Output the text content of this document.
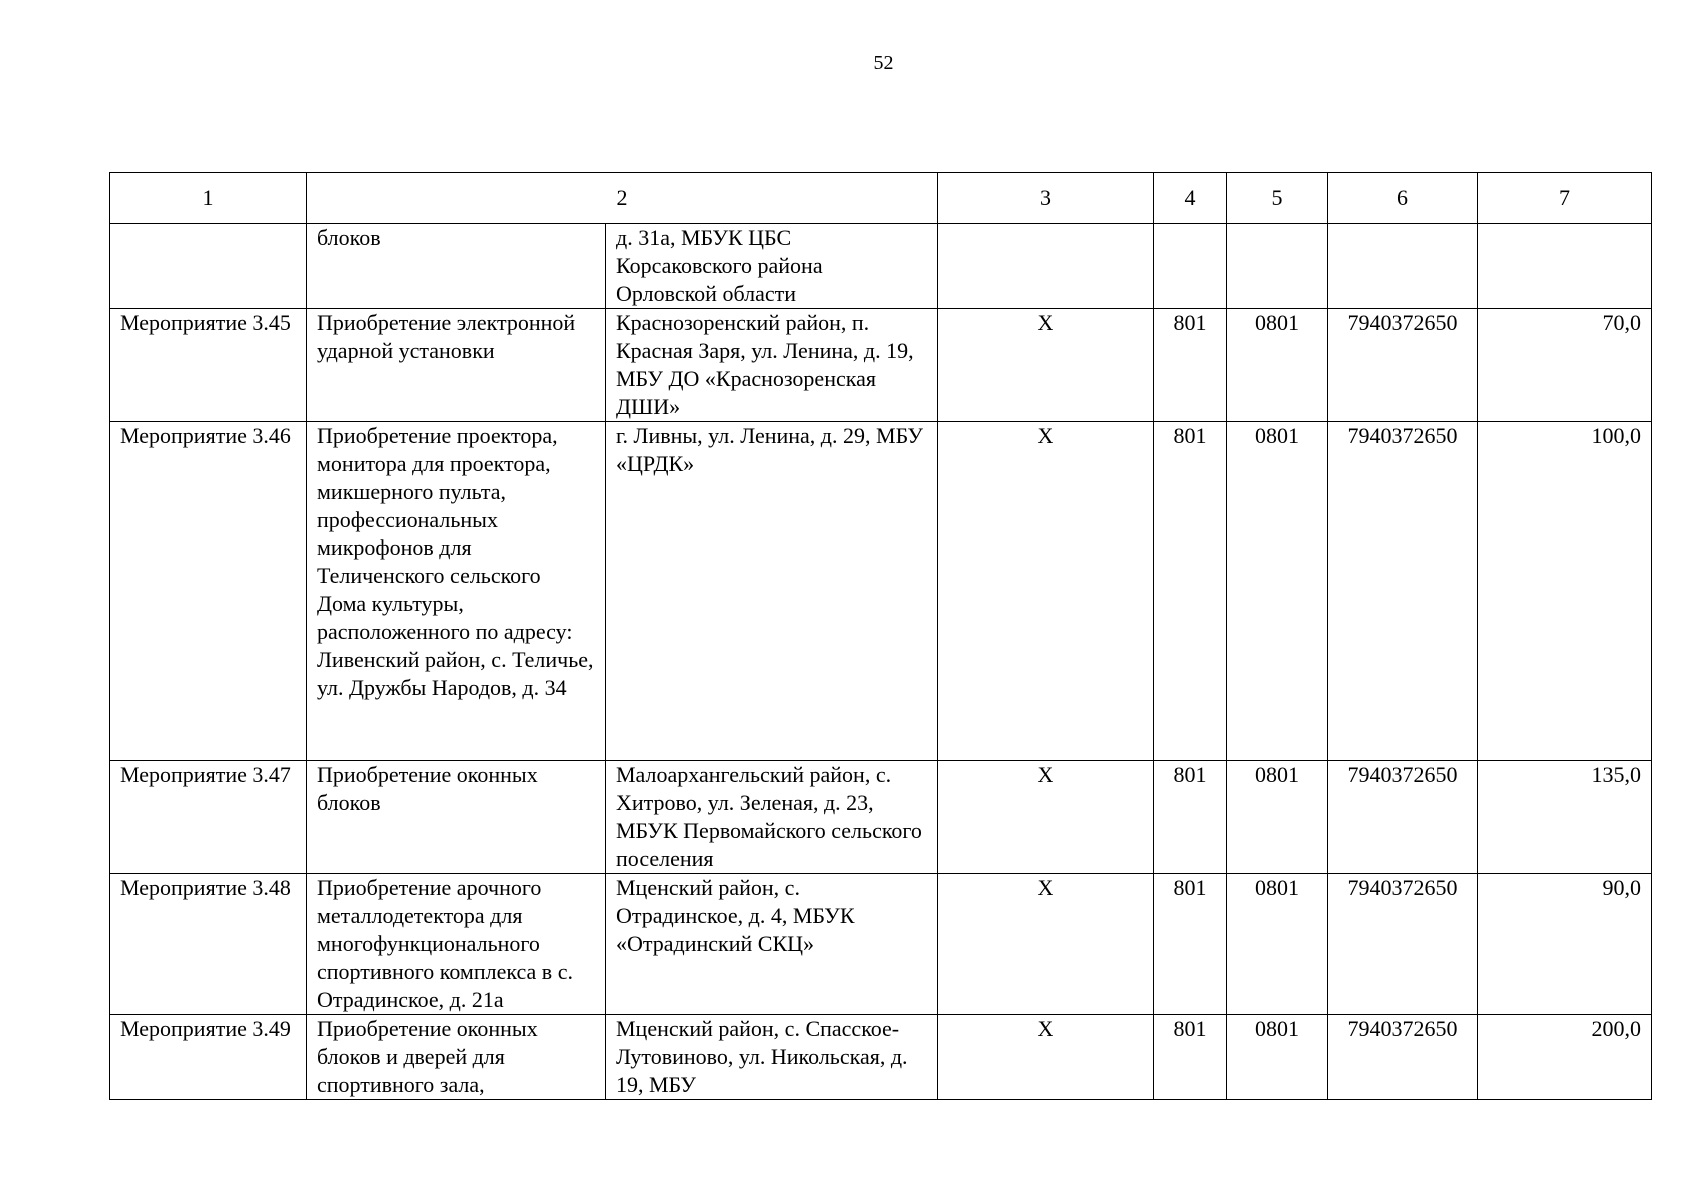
52
1	2		3	4	5	6	7
	блоков	д. 31а, МБУК ЦБС Корсаковского района Орловской области					
Мероприятие 3.45	Приобретение электронной ударной установки	Краснозоренский район, п. Красная Заря, ул. Ленина, д. 19, МБУ ДО «Краснозоренская ДШИ»	Х	801	0801	7940372650	70,0
Мероприятие 3.46	Приобретение проектора, монитора для проектора, микшерного пульта, профессиональных микрофонов для Теличенского сельского Дома культуры, расположенного по адресу: Ливенский район, с. Теличье, ул. Дружбы Народов, д. 34	г. Ливны, ул. Ленина, д. 29, МБУ «ЦРДК»	Х	801	0801	7940372650	100,0
Мероприятие 3.47	Приобретение оконных блоков	Малоархангельский район, с. Хитрово, ул. Зеленая, д. 23, МБУК Первомайского сельского поселения	Х	801	0801	7940372650	135,0
Мероприятие 3.48	Приобретение арочного металлодетектора для многофункционального спортивного комплекса в с. Отрадинское, д. 21а	Мценский район, с. Отрадинское, д. 4, МБУК «Отрадинский СКЦ»	Х	801	0801	7940372650	90,0
Мероприятие 3.49	Приобретение оконных блоков и дверей для спортивного зала,	Мценский район, с. Спасское-Лутовиново, ул. Никольская, д. 19, МБУ	Х	801	0801	7940372650	200,0
